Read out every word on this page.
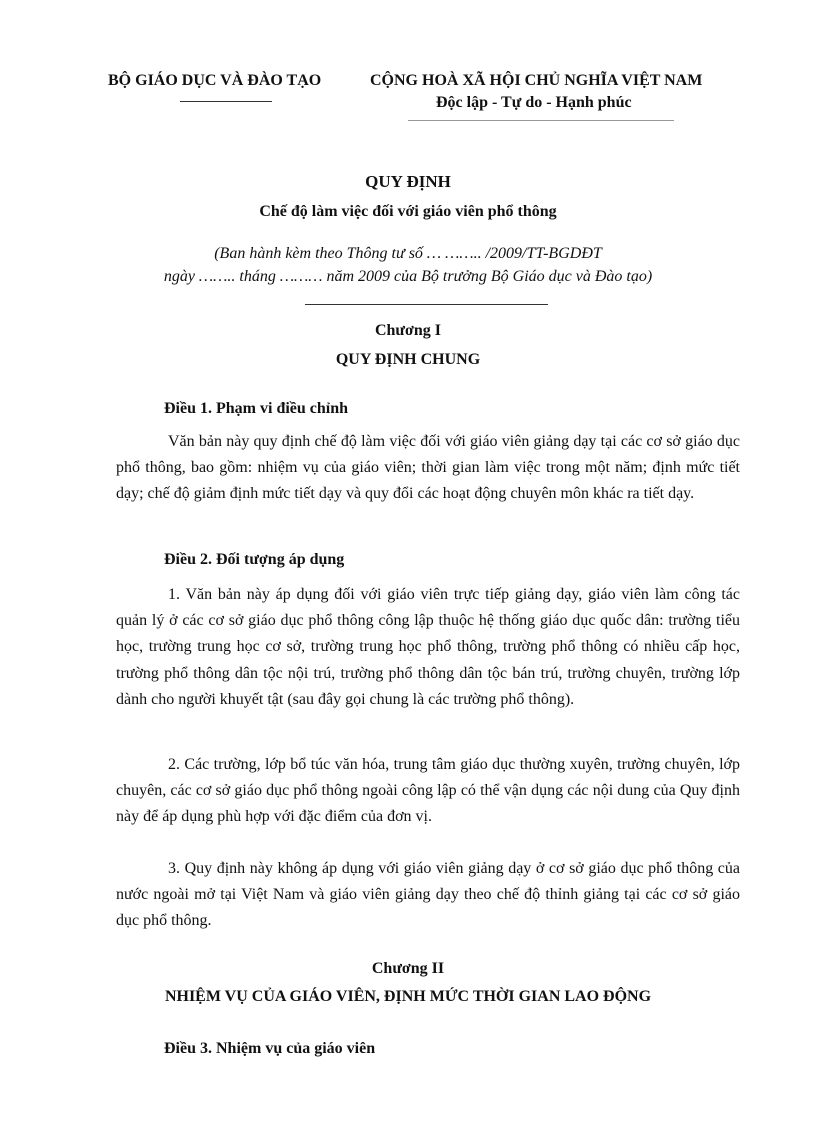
BỘ GIÁO DỤC VÀ ĐÀO TẠO	CỘNG HOÀ XÃ HỘI CHỦ NGHĨA VIỆT NAM
Độc lập - Tự do - Hạnh phúc
QUY ĐỊNH
Chế độ làm việc đối với giáo viên phổ thông
(Ban hành kèm theo Thông tư số … …….. /2009/TT-BGDĐT
ngày …….. tháng ……… năm 2009 của Bộ trưởng Bộ Giáo dục và Đào tạo)
Chương I
QUY ĐỊNH CHUNG
Điều 1. Phạm vi điều chỉnh

Văn bản này quy định chế độ làm việc đối với giáo viên giảng dạy tại các cơ sở giáo dục phổ thông, bao gồm: nhiệm vụ của giáo viên; thời gian làm việc trong một năm; định mức tiết dạy; chế độ giảm định mức tiết dạy và quy đổi các hoạt động chuyên môn khác ra tiết dạy.

Điều 2. Đối tượng áp dụng

1. Văn bản này áp dụng đối với giáo viên trực tiếp giảng dạy, giáo viên làm công tác quản lý ở các cơ sở giáo dục phổ thông công lập thuộc hệ thống giáo dục quốc dân: trường tiểu học, trường trung học cơ sở, trường trung học phổ thông, trường phổ thông có nhiều cấp học, trường phổ thông dân tộc nội trú, trường phổ thông dân tộc bán trú, trường chuyên, trường lớp dành cho người khuyết tật (sau đây gọi chung là các trường phổ thông).

2. Các trường, lớp bổ túc văn hóa, trung tâm giáo dục thường xuyên, trường chuyên, lớp chuyên, các cơ sở giáo dục phổ thông ngoài công lập có thể vận dụng các nội dung của Quy định này để áp dụng phù hợp với đặc điểm của đơn vị.

3. Quy định này không áp dụng với giáo viên giảng dạy ở cơ sở giáo dục phổ thông của nước ngoài mở tại Việt Nam và giáo viên giảng dạy theo chế độ thỉnh giảng tại các cơ sở giáo dục phổ thông.

Chương II
NHIỆM VỤ CỦA GIÁO VIÊN, ĐỊNH MỨC THỜI GIAN LAO ĐỘNG
Điều 3. Nhiệm vụ của giáo viên
